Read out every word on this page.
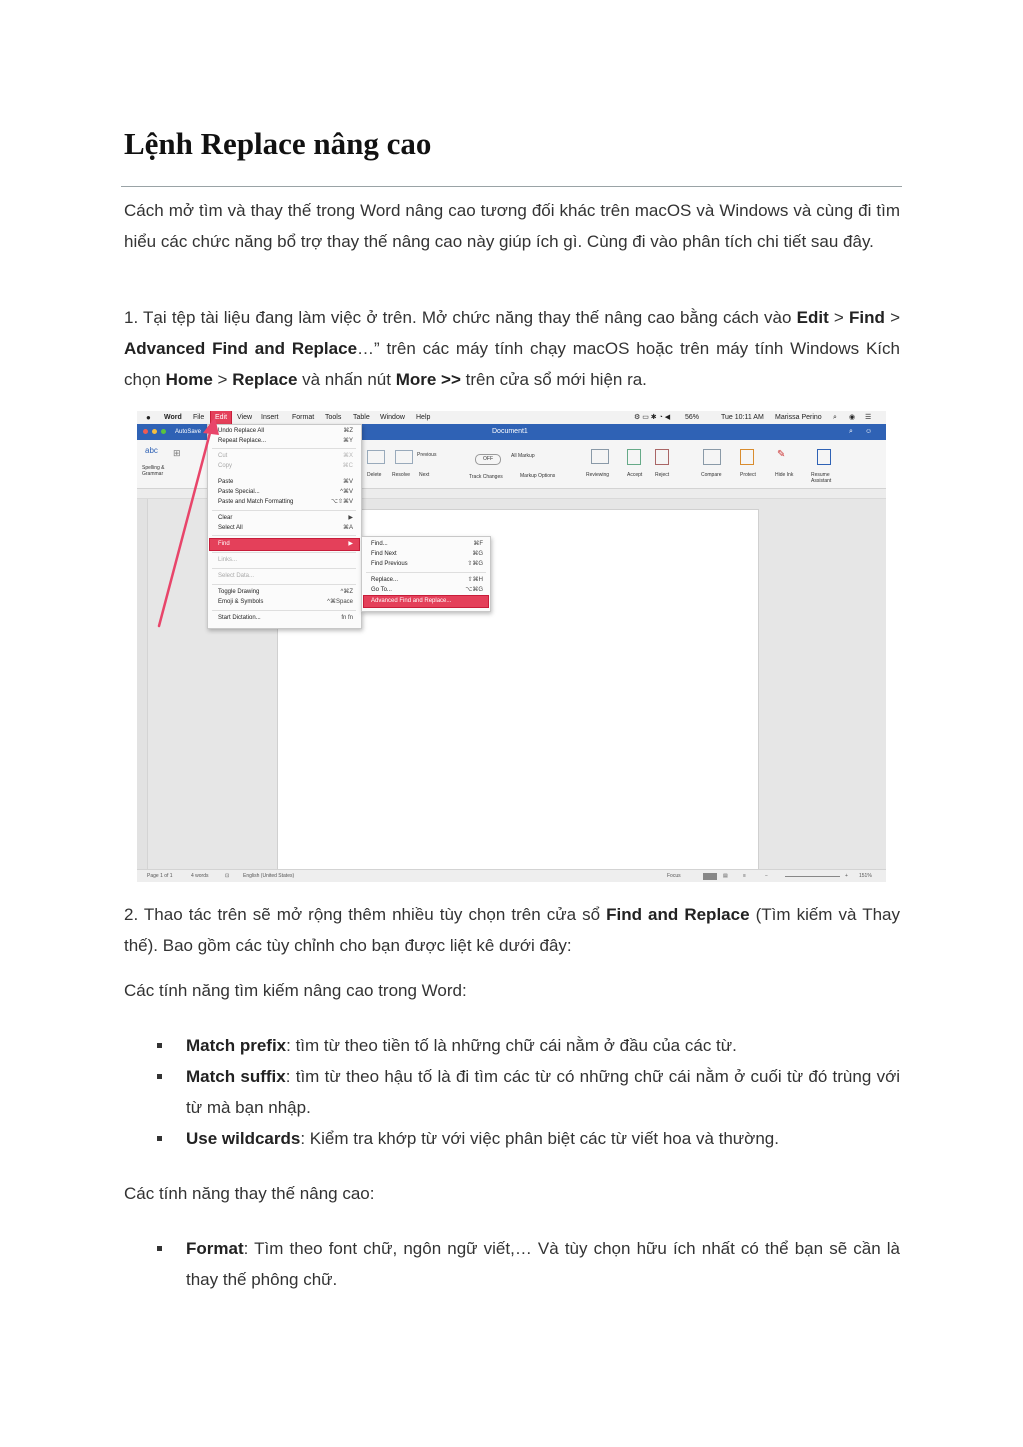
Lệnh Replace nâng cao

Cách mở tìm và thay thế trong Word nâng cao tương đối khác trên macOS và Windows và cùng đi tìm hiểu các chức năng bổ trợ thay thế nâng cao này giúp ích gì. Cùng đi vào phân tích chi tiết sau đây.

1. Tại tệp tài liệu đang làm việc ở trên. Mở chức năng thay thế nâng cao bằng cách vào Edit > Find > Advanced Find and Replace…” trên các máy tính chạy macOS hoặc trên máy tính Windows Kích chọn Home > Replace và nhấn nút More >> trên cửa sổ mới hiện ra.

2. Thao tác trên sẽ mở rộng thêm nhiều tùy chọn trên cửa sổ Find and Replace (Tìm kiếm và Thay thế). Bao gồm các tùy chỉnh cho bạn được liệt kê dưới đây:

Các tính năng tìm kiếm nâng cao trong Word:

Match prefix: tìm từ theo tiền tố là những chữ cái nằm ở đầu của các từ.
Match suffix: tìm từ theo hậu tố là đi tìm các từ có những chữ cái nằm ở cuối từ đó trùng với từ mà bạn nhập.
Use wildcards: Kiểm tra khớp từ với việc phân biệt các từ viết hoa và thường.

Các tính năng thay thế nâng cao:

Format: Tìm theo font chữ, ngôn ngữ viết,… Và tùy chọn hữu ích nhất có thể bạn sẽ cần là thay thế phông chữ.
● Word File	Edit	View Insert Format Tools Table Window Help	⚙ ▭ ✱ ◔ ◀ 56%	Tue 10:11 AM Marissa Perino ⌕ ◉ ☰
AutoSave	Document1	⌕ ☺
abc
Spelling & Grammar
⊞	Previous
Delete Resolve Next
OFF
Track Changes
All Markup
Markup Options	Reviewing	Accept	Reject	Compare	Protect
✎
Hide Ink	Resume Assistant
Page 1 of 1	4 words	⊡	English (United States)	Focus	▤	≡	−	+ 151%
Undo Replace All	⌘Z
Repeat Replace...	⌘Y
Cut	⌘X
Copy	⌘C
Paste	⌘V
Paste Special...	^⌘V
Paste and Match Formatting	⌥⇧⌘V
Clear	▶
Select All	⌘A
Find	▶
Links...
Select Data...
Toggle Drawing	^⌘Z
Emoji & Symbols	^⌘Space
Start Dictation...	fn fn
Find...	⌘F
Find Next	⌘G
Find Previous	⇧⌘G
Replace...	⇧⌘H
Go To...	⌥⌘G
Advanced Find and Replace...
